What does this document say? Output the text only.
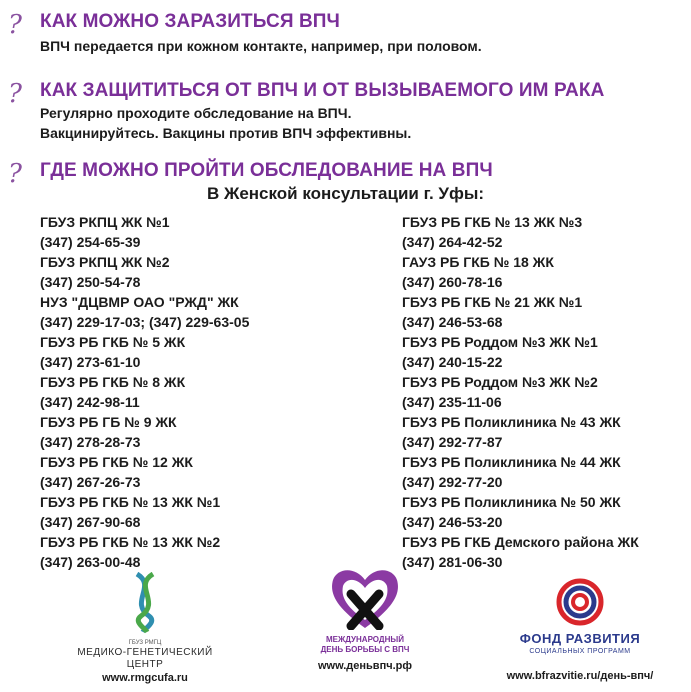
? КАК МОЖНО ЗАРАЗИТЬСЯ ВПЧ
ВПЧ передается при кожном контакте, например, при половом.
? КАК ЗАЩИТИТЬСЯ ОТ ВПЧ И ОТ ВЫЗЫВАЕМОГО ИМ РАКА
Регулярно проходите обследование на ВПЧ.
Вакцинируйтесь. Вакцины против ВПЧ эффективны.
? ГДЕ МОЖНО ПРОЙТИ ОБСЛЕДОВАНИЕ НА ВПЧ
В Женской консультации г. Уфы:
ГБУЗ РКПЦ ЖК №1
(347) 254-65-39
ГБУЗ РКПЦ ЖК №2
(347) 250-54-78
НУЗ "ДЦВМР ОАО "РЖД" ЖК
(347) 229-17-03; (347) 229-63-05
ГБУЗ РБ ГКБ № 5 ЖК
(347) 273-61-10
ГБУЗ РБ ГКБ № 8 ЖК
(347) 242-98-11
ГБУЗ РБ ГБ № 9 ЖК
(347) 278-28-73
ГБУЗ РБ ГКБ № 12 ЖК
(347) 267-26-73
ГБУЗ РБ ГКБ № 13 ЖК №1
(347) 267-90-68
ГБУЗ РБ ГКБ № 13 ЖК №2
(347) 263-00-48
ГБУЗ РБ ГКБ № 13 ЖК №3
(347) 264-42-52
ГАУЗ РБ ГКБ № 18 ЖК
(347) 260-78-16
ГБУЗ РБ ГКБ № 21 ЖК №1
(347) 246-53-68
ГБУЗ РБ Роддом №3 ЖК №1
(347) 240-15-22
ГБУЗ РБ Роддом №3 ЖК №2
(347) 235-11-06
ГБУЗ РБ Поликлиника № 43 ЖК
(347) 292-77-87
ГБУЗ РБ Поликлиника № 44 ЖК
(347) 292-77-20
ГБУЗ РБ Поликлиника № 50 ЖК
(347) 246-53-20
ГБУЗ РБ ГКБ Демского района ЖК
(347) 281-06-30
ГБУЗ РМГЦ
МЕДИКО-ГЕНЕТИЧЕСКИЙ
ЦЕНТР
www.rmgcufa.ru
МЕЖДУНАРОДНЫЙ
ДЕНЬ БОРЬБЫ С ВПЧ
www.деньвпч.рф
ФОНД РАЗВИТИЯ
СОЦИАЛЬНЫХ ПРОГРАММ
www.bfrazvitie.ru/день-впч/
